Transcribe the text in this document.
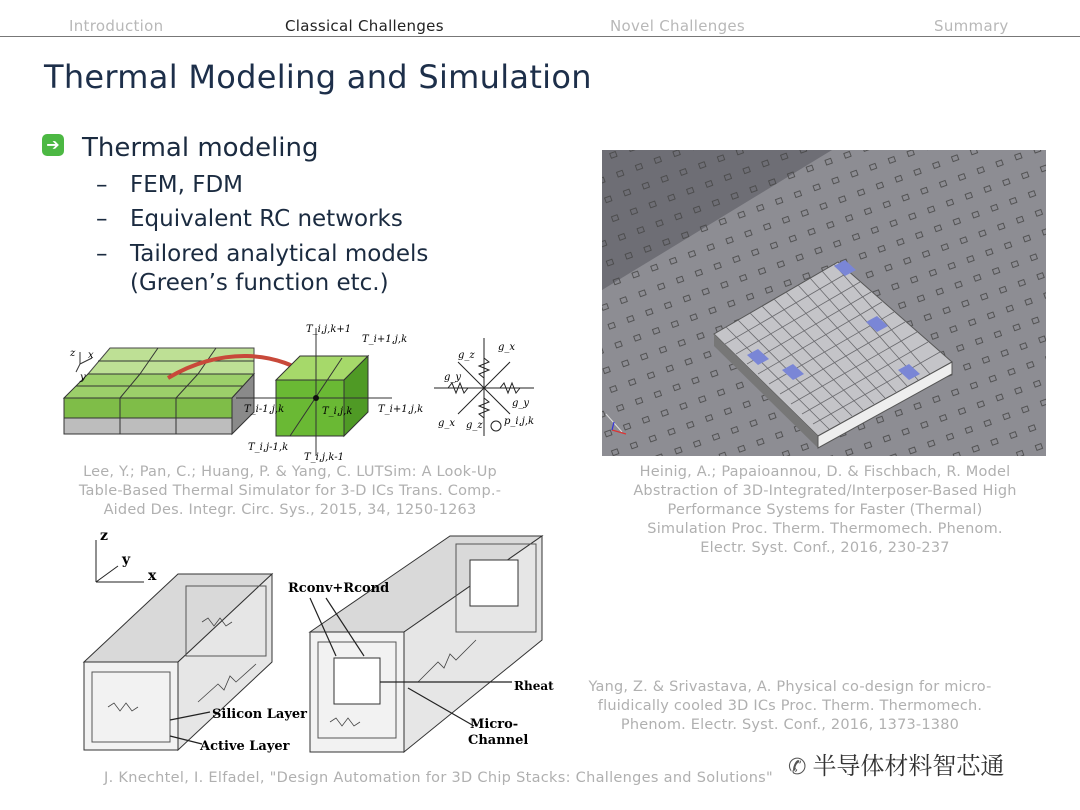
Introduction	Classical Challenges	Novel Challenges	Summary
Thermal Modeling and Simulation
➔ Thermal modeling
– FEM, FDM
– Equivalent RC networks
– Tailored analytical models
(Green’s function etc.)
z x
y
T_i,j,k+1
T_i+1,j,k
T_i-1,j,k	T_i,j,k	T_i+1,j,k
T_i,j-1,k
T_i,j,k-1
g_z
g_x
g_y
g_y
g_x g_z p_i,j,k
Lee, Y.; Pan, C.; Huang, P. & Yang, C. LUTSim: A Look-Up
Table-Based Thermal Simulator for 3-D ICs Trans. Comp.-
Aided Des. Integr. Circ. Sys., 2015, 34, 1250-1263
Heinig, A.; Papaioannou, D. & Fischbach, R. Model
Abstraction of 3D-Integrated/Interposer-Based High
Performance Systems for Faster (Thermal)
Simulation Proc. Therm. Thermomech. Phenom.
Electr. Syst. Conf., 2016, 230-237
z
y
x
Rconv+Rcond
Rheat
Silicon Layer
Active Layer
Micro-
Channel
Yang, Z. & Srivastava, A. Physical co-design for micro-
fluidically cooled 3D ICs Proc. Therm. Thermomech.
Phenom. Electr. Syst. Conf., 2016, 1373-1380
J. Knechtel, I. Elfadel, "Design Automation for 3D Chip Stacks: Challenges and Solutions" ✆ 半导体材料智芯通
